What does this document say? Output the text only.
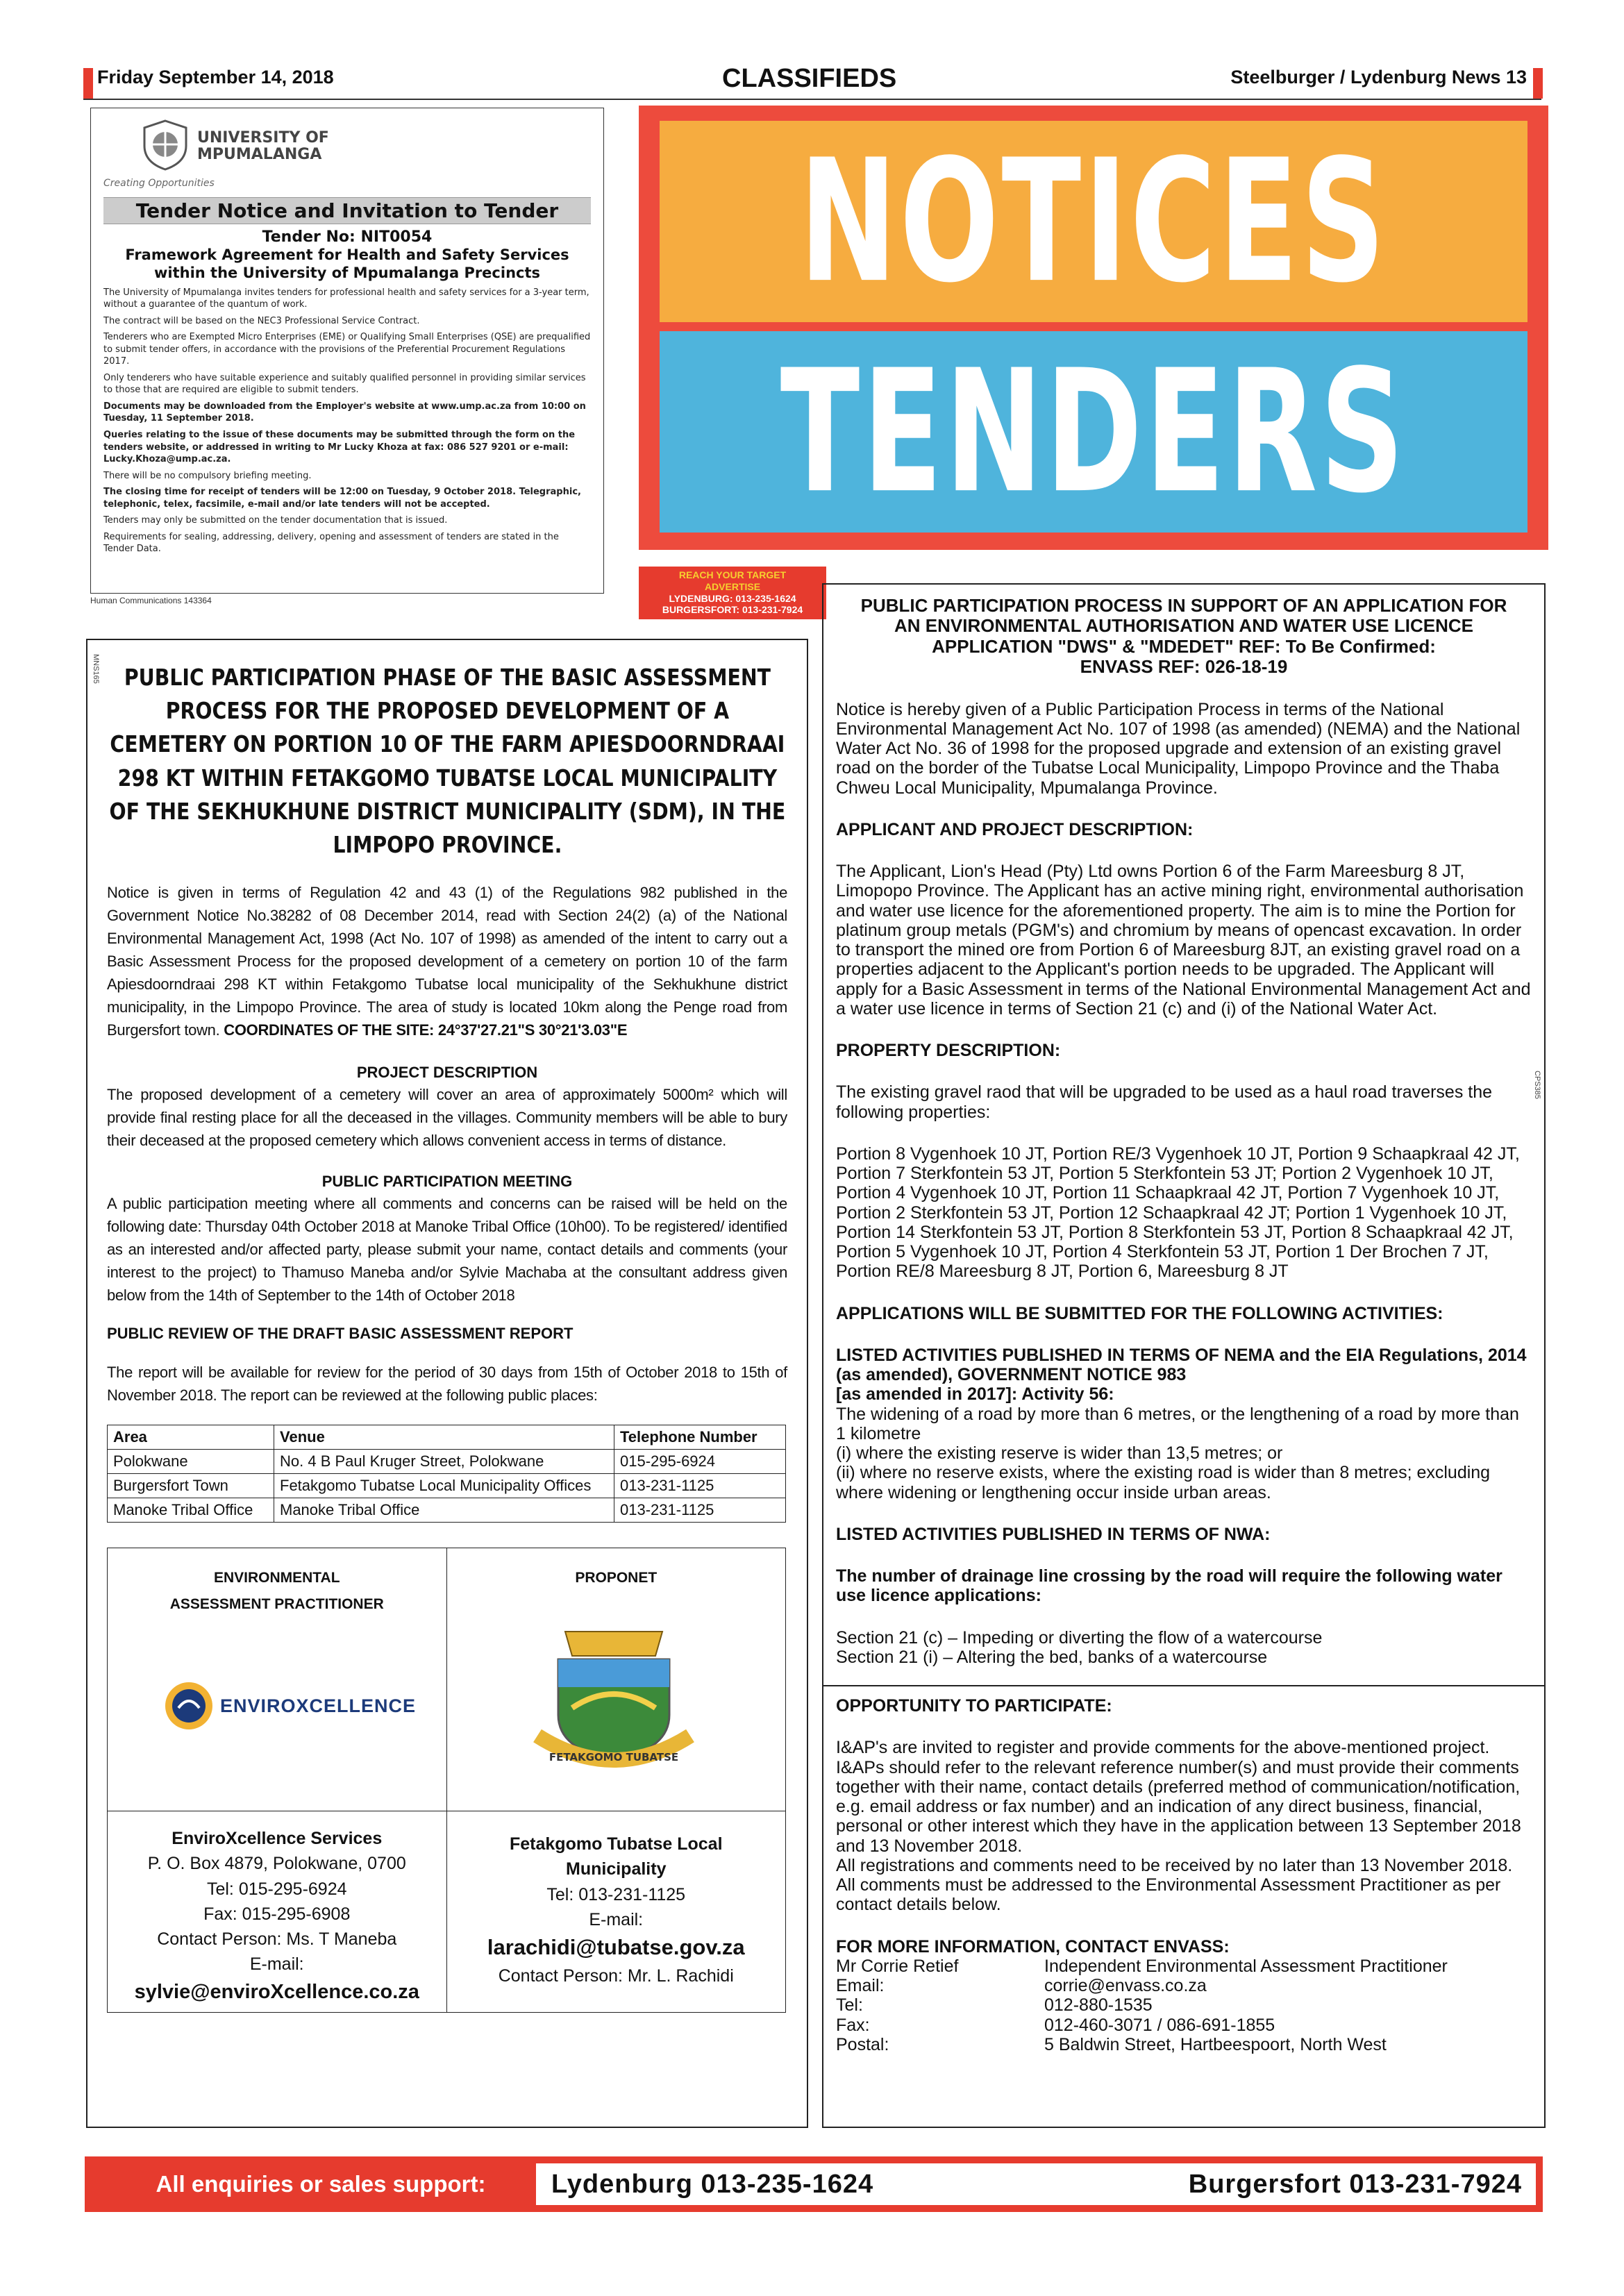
Friday September 14, 2018	CLASSIFIEDS	Steelburger / Lydenburg News 13
UNIVERSITY OF
MPUMALANGA
Creating Opportunities
Tender Notice and Invitation to Tender
Tender No: NIT0054
Framework Agreement for Health and Safety Services
within the University of Mpumalanga Precincts
The University of Mpumalanga invites tenders for professional health and safety services for a 3-year term, without a guarantee of the quantum of work.
The contract will be based on the NEC3 Professional Service Contract.
Tenderers who are Exempted Micro Enterprises (EME) or Qualifying Small Enterprises (QSE) are prequalified to submit tender offers, in accordance with the provisions of the Preferential Procurement Regulations 2017.
Only tenderers who have suitable experience and suitably qualified personnel in providing similar services to those that are required are eligible to submit tenders.
Documents may be downloaded from the Employer's website at www.ump.ac.za from 10:00 on Tuesday, 11 September 2018.
Queries relating to the issue of these documents may be submitted through the form on the tenders website, or addressed in writing to Mr Lucky Khoza at fax: 086 527 9201 or e-mail: Lucky.Khoza@ump.ac.za.
There will be no compulsory briefing meeting.
The closing time for receipt of tenders will be 12:00 on Tuesday, 9 October 2018. Telegraphic, telephonic, telex, facsimile, e-mail and/or late tenders will not be accepted.
Tenders may only be submitted on the tender documentation that is issued.
Requirements for sealing, addressing, delivery, opening and assessment of tenders are stated in the Tender Data.
Human Communications 143364
NOTICES
TENDERS
REACH YOUR TARGET
ADVERTISE
LYDENBURG: 013-235-1624
BURGERSFORT: 013-231-7924
MNS165	PUBLIC PARTICIPATION PHASE OF THE BASIC ASSESSMENT PROCESS FOR THE PROPOSED DEVELOPMENT OF A CEMETERY ON PORTION 10 OF THE FARM APIESDOORNDRAAI 298 KT WITHIN FETAKGOMO TUBATSE LOCAL MUNICIPALITY OF THE SEKHUKHUNE DISTRICT MUNICIPALITY (SDM), IN THE LIMPOPO PROVINCE.
Notice is given in terms of Regulation 42 and 43 (1) of the Regulations 982 published in the Government Notice No.38282 of 08 December 2014, read with Section 24(2) (a) of the National Environmental Management Act, 1998 (Act No. 107 of 1998) as amended of the intent to carry out a Basic Assessment Process for the proposed development of a cemetery on portion 10 of the farm Apiesdoorndraai 298 KT within Fetakgomo Tubatse local municipality of the Sekhukhune district municipality, in the Limpopo Province. The area of study is located 10km along the Penge road from Burgersfort town. COORDINATES OF THE SITE: 24°37'27.21"S 30°21'3.03"E
PROJECT DESCRIPTION
The proposed development of a cemetery will cover an area of approximately 5000m² which will provide final resting place for all the deceased in the villages. Community members will be able to bury their deceased at the proposed cemetery which allows convenient access in terms of distance.
PUBLIC PARTICIPATION MEETING
A public participation meeting where all comments and concerns can be raised will be held on the following date: Thursday 04th October 2018 at Manoke Tribal Office (10h00). To be registered/ identified as an interested and/or affected party, please submit your name, contact details and comments (your interest to the project) to Thamuso Maneba and/or Sylvie Machaba at the consultant address given below from the 14th of September to the 14th of October 2018
PUBLIC REVIEW OF THE DRAFT BASIC ASSESSMENT REPORT
The report will be available for review for the period of 30 days from 15th of October 2018 to 15th of November 2018. The report can be reviewed at the following public places:
Area	Venue	Telephone Number
Polokwane	No. 4 B Paul Kruger Street, Polokwane	015-295-6924
Burgersfort Town	Fetakgomo Tubatse Local Municipality Offices	013-231-1125
Manoke Tribal Office	Manoke Tribal Office	013-231-1125
ENVIRONMENTAL
ASSESSMENT PRACTITIONER
ENVIROXCELLENCE
EnviroXcellence Services
P. O. Box 4879, Polokwane, 0700
Tel: 015-295-6924
Fax: 015-295-6908
Contact Person: Ms. T Maneba
E-mail:
sylvie@enviroXcellence.co.za
PROPONET
FETAKGOMO TUBATSE
Fetakgomo Tubatse Local
Municipality
Tel: 013-231-1125
E-mail:
larachidi@tubatse.gov.za
Contact Person: Mr. L. Rachidi
CPS385
PUBLIC PARTICIPATION PROCESS IN SUPPORT OF AN APPLICATION FOR
AN ENVIRONMENTAL AUTHORISATION AND WATER USE LICENCE
APPLICATION "DWS" & "MDEDET" REF: To Be Confirmed:
ENVASS REF: 026-18-19
Notice is hereby given of a Public Participation Process in terms of the National Environmental Management Act No. 107 of 1998 (as amended) (NEMA) and the National Water Act No. 36 of 1998 for the proposed upgrade and extension of an existing gravel road on the border of the Tubatse Local Municipality, Limpopo Province and the Thaba Chweu Local Municipality, Mpumalanga Province.
APPLICANT AND PROJECT DESCRIPTION:
The Applicant, Lion's Head (Pty) Ltd owns Portion 6 of the Farm Mareesburg 8 JT, Limopopo Province. The Applicant has an active mining right, environmental authorisation and water use licence for the aforementioned property. The aim is to mine the Portion for platinum group metals (PGM's) and chromium by means of opencast excavation. In order to transport the mined ore from Portion 6 of Mareesburg 8JT, an existing gravel road on a properties adjacent to the Applicant's portion needs to be upgraded. The Applicant will apply for a Basic Assessment in terms of the National Environmental Management Act and a water use licence in terms of Section 21 (c) and (i) of the National Water Act.
PROPERTY DESCRIPTION:
The existing gravel raod that will be upgraded to be used as a haul road traverses the following properties:
Portion 8 Vygenhoek 10 JT, Portion RE/3 Vygenhoek 10 JT, Portion 9 Schaapkraal 42 JT, Portion 7 Sterkfontein 53 JT, Portion 5 Sterkfontein 53 JT; Portion 2 Vygenhoek 10 JT, Portion 4 Vygenhoek 10 JT, Portion 11 Schaapkraal 42 JT, Portion 7 Vygenhoek 10 JT, Portion 2 Sterkfontein 53 JT, Portion 12 Schaapkraal 42 JT; Portion 1 Vygenhoek 10 JT, Portion 14 Sterkfontein 53 JT, Portion 8 Sterkfontein 53 JT, Portion 8 Schaapkraal 42 JT, Portion 5 Vygenhoek 10 JT, Portion 4 Sterkfontein 53 JT, Portion 1 Der Brochen 7 JT, Portion RE/8 Mareesburg 8 JT, Portion 6, Mareesburg 8 JT
APPLICATIONS WILL BE SUBMITTED FOR THE FOLLOWING ACTIVITIES:
LISTED ACTIVITIES PUBLISHED IN TERMS OF NEMA and the EIA Regulations, 2014 (as amended), GOVERNMENT NOTICE 983
[as amended in 2017]: Activity 56:
The widening of a road by more than 6 metres, or the lengthening of a road by more than 1 kilometre
(i) where the existing reserve is wider than 13,5 metres; or
(ii) where no reserve exists, where the existing road is wider than 8 metres; excluding where widening or lengthening occur inside urban areas.
LISTED ACTIVITIES PUBLISHED IN TERMS OF NWA:
The number of drainage line crossing by the road will require the following water use licence applications:
Section 21 (c) – Impeding or diverting the flow of a watercourse
Section 21 (i) – Altering the bed, banks of a watercourse
OPPORTUNITY TO PARTICIPATE:
I&AP's are invited to register and provide comments for the above-mentioned project. I&APs should refer to the relevant reference number(s) and must provide their comments together with their name, contact details (preferred method of communication/notification, e.g. email address or fax number) and an indication of any direct business, financial, personal or other interest which they have in the application between 13 September 2018 and 13 November 2018.
All registrations and comments need to be received by no later than 13 November 2018. All comments must be addressed to the Environmental Assessment Practitioner as per contact details below.
FOR MORE INFORMATION, CONTACT ENVASS:
Mr Corrie Retief	Independent Environmental Assessment Practitioner
Email:	corrie@envass.co.za
Tel:	012-880-1535
Fax:	012-460-3071 / 086-691-1855
Postal:	5 Baldwin Street, Hartbeespoort, North West
All enquiries or sales support:	Lydenburg 013-235-1624	Burgersfort 013-231-7924
